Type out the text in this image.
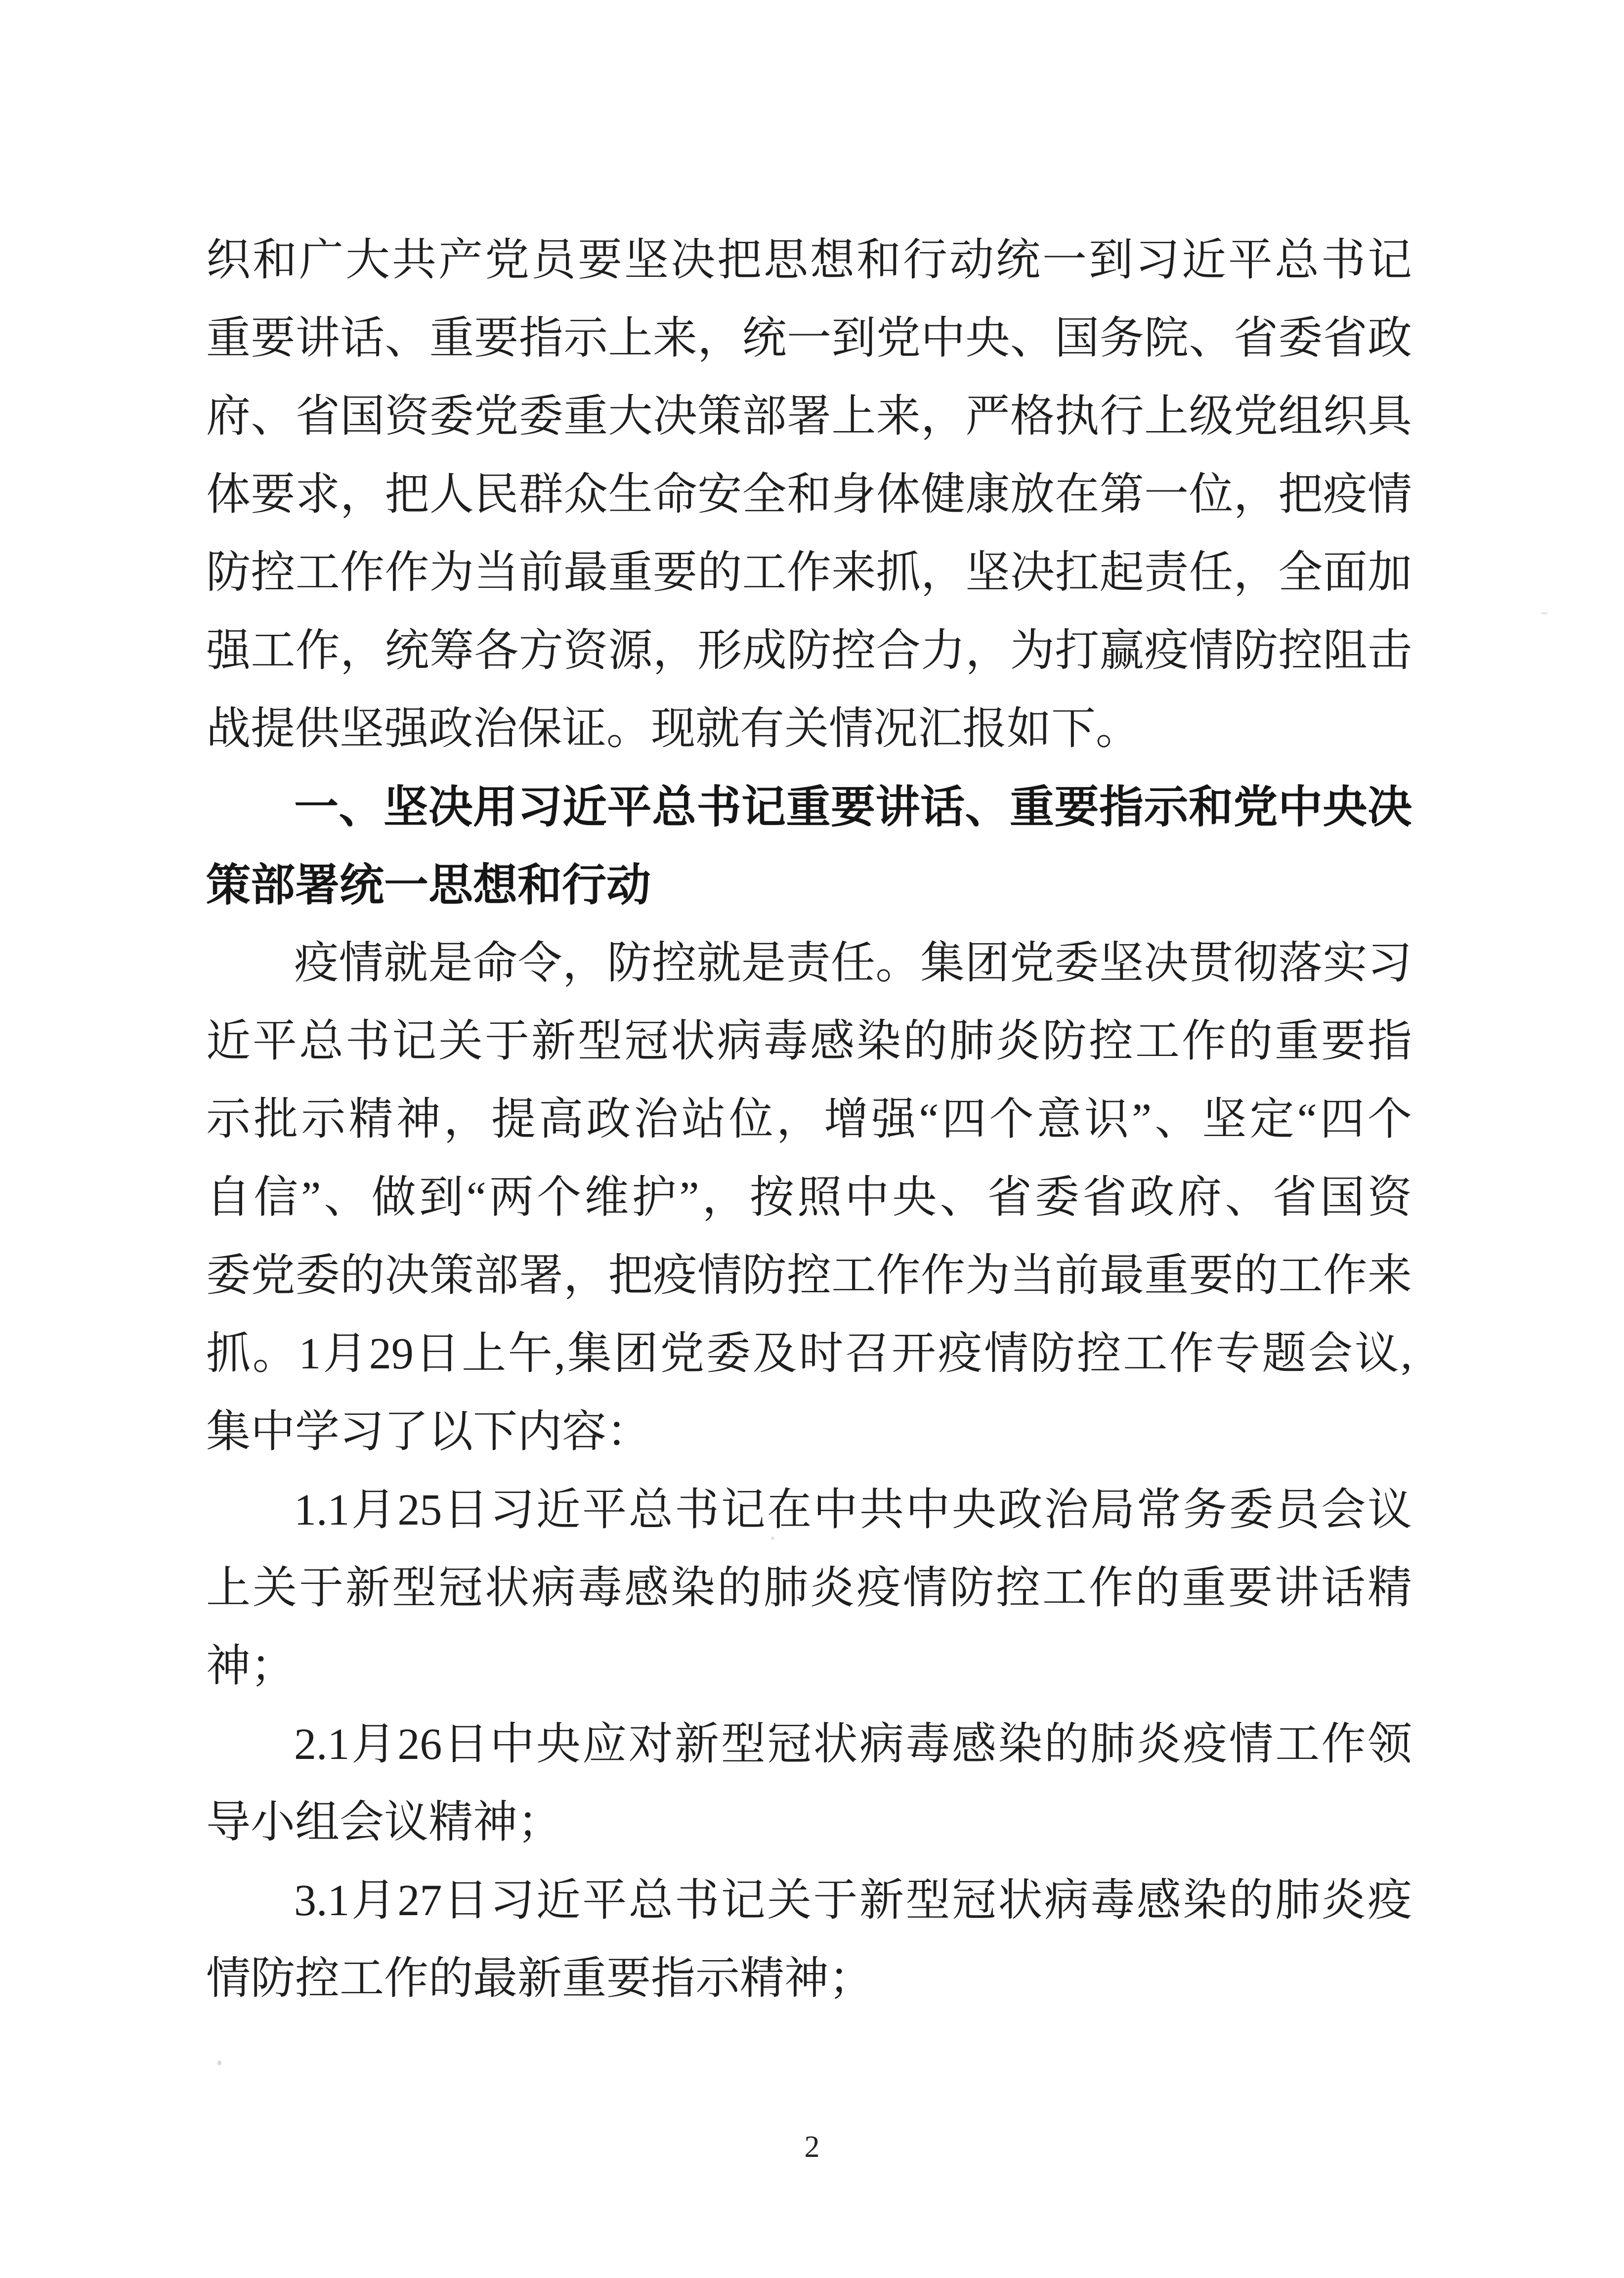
织和广大共产党员要坚决把思想和行动统一到习近平总书记
重要讲话、重要指示上来，统一到党中央、国务院、省委省政
府、省国资委党委重大决策部署上来，严格执行上级党组织具
体要求，把人民群众生命安全和身体健康放在第一位，把疫情
防控工作作为当前最重要的工作来抓，坚决扛起责任，全面加
强工作，统筹各方资源，形成防控合力，为打赢疫情防控阻击
战提供坚强政治保证。现就有关情况汇报如下。
一、坚决用习近平总书记重要讲话、重要指示和党中央决
策部署统一思想和行动
疫情就是命令，防控就是责任。集团党委坚决贯彻落实习
近平总书记关于新型冠状病毒感染的肺炎防控工作的重要指
示批示精神，提高政治站位，增强“四个意识”、坚定“四个
自信”、做到“两个维护”，按照中央、省委省政府、省国资
委党委的决策部署，把疫情防控工作作为当前最重要的工作来
抓。1月29日上午,集团党委及时召开疫情防控工作专题会议,
集中学习了以下内容：
1.1月25日习近平总书记在中共中央政治局常务委员会议
上关于新型冠状病毒感染的肺炎疫情防控工作的重要讲话精
神；
2.1月26日中央应对新型冠状病毒感染的肺炎疫情工作领
导小组会议精神；
3.1月27日习近平总书记关于新型冠状病毒感染的肺炎疫
情防控工作的最新重要指示精神；
2
